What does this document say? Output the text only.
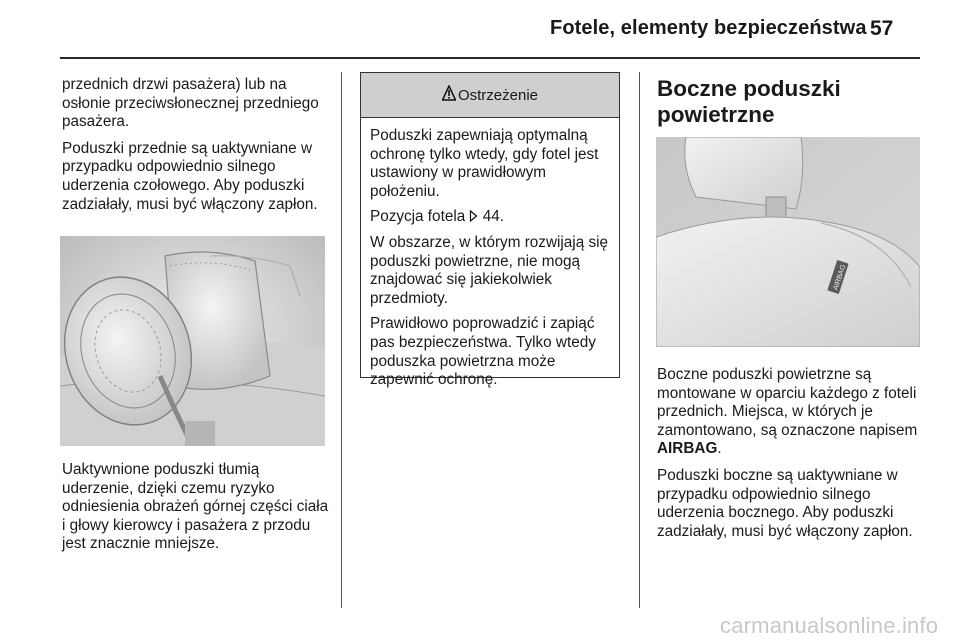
Fotele, elementy bezpieczeństwa 57

przednich drzwi pasażera) lub na osłonie przeciwsłonecznej przedniego pasażera.

Poduszki przednie są uaktywniane w przypadku odpowiednio silnego uderzenia czołowego. Aby poduszki zadziałały, musi być włączony zapłon.

Uaktywnione poduszki tłumią uderzenie, dzięki czemu ryzyko odniesienia obrażeń górnej części ciała i głowy kierowcy i pasażera z przodu jest znacznie mniejsze.

Ostrzeżenie

Poduszki zapewniają optymalną ochronę tylko wtedy, gdy fotel jest ustawiony w prawidłowym położeniu.

Pozycja fotela  44.

W obszarze, w którym rozwijają się poduszki powietrzne, nie mogą znajdować się jakiekolwiek przedmioty.

Prawidłowo poprowadzić i zapiąć pas bezpieczeństwa. Tylko wtedy poduszka powietrzna może zapewnić ochronę.

Boczne poduszki powietrzne
AIRBAG

Boczne poduszki powietrzne są montowane w oparciu każdego z foteli przednich. Miejsca, w których je zamontowano, są oznaczone napisem AIRBAG.

Poduszki boczne są uaktywniane w przypadku odpowiednio silnego uderzenia bocznego. Aby poduszki zadziałały, musi być włączony zapłon.

carmanualsonline.info
